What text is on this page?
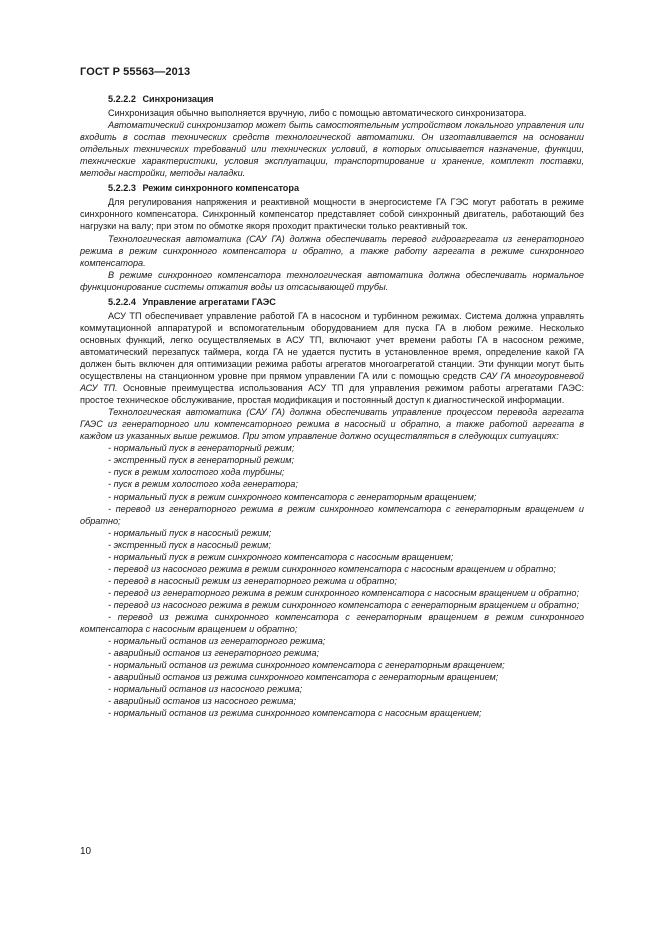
ГОСТ Р 55563—2013

5.2.2.2 Синхронизация

Синхронизация обычно выполняется вручную, либо с помощью автоматического синхронизатора.

Автоматический синхронизатор может быть самостоятельным устройством локального управления или входить в состав технических средств технологической автоматики. Он изготавливается на основании отдельных технических требований или технических условий, в которых описывается назначение, функции, технические характеристики, условия эксплуатации, транспортирование и хранение, комплект поставки, методы настройки, методы наладки.

5.2.2.3 Режим синхронного компенсатора

Для регулирования напряжения и реактивной мощности в энергосистеме ГА ГЭС могут работать в режиме синхронного компенсатора. Синхронный компенсатор представляет собой синхронный двигатель, работающий без нагрузки на валу; при этом по обмотке якоря проходит практически только реактивный ток.

Технологическая автоматика (САУ ГА) должна обеспечивать перевод гидроагрегата из генераторного режима в режим синхронного компенсатора и обратно, а также работу агрегата в режиме синхронного компенсатора.

В режиме синхронного компенсатора технологическая автоматика должна обеспечивать нормальное функционирование системы отжатия воды из отсасывающей трубы.

5.2.2.4 Управление агрегатами ГАЭС

АСУ ТП обеспечивает управление работой ГА в насосном и турбинном режимах. Система должна управлять коммутационной аппаратурой и вспомогательным оборудованием для пуска ГА в любом режиме. Несколько основных функций, легко осуществляемых в АСУ ТП, включают учет времени работы ГА в насосном режиме, автоматический перезапуск таймера, когда ГА не удается пустить в установленное время, определение какой ГА должен быть включен для оптимизации режима работы агрегатов многоагрегатой станции. Эти функции могут быть осуществлены на станционном уровне при прямом управлении ГА или с помощью средств САУ ГА многоуровневой АСУ ТП. Основные преимущества использования АСУ ТП для управления режимом работы агрегатами ГАЭС: простое техническое обслуживание, простая модификация и постоянный доступ к диагностической информации.

Технологическая автоматика (САУ ГА) должна обеспечивать управление процессом перевода агрегата ГАЭС из генераторного или компенсаторного режима в насосный и обратно, а также работой агрегата в каждом из указанных выше режимов. При этом управление должно осуществляться в следующих ситуациях:

- нормальный пуск в генераторный режим;

- экстренный пуск в генераторный режим;

- пуск в режим холостого хода турбины;

- пуск в режим холостого хода генератора;

- нормальный пуск в режим синхронного компенсатора с генераторным вращением;

- перевод из генераторного режима в режим синхронного компенсатора с генераторным вращением и обратно;

- нормальный пуск в насосный режим;

- экстренный пуск в насосный режим;

- нормальный пуск в режим синхронного компенсатора с насосным вращением;

- перевод из насосного режима в режим синхронного компенсатора с насосным вращением и обратно;

- перевод в насосный режим из генераторного режима и обратно;

- перевод из генераторного режима в режим синхронного компенсатора с насосным вращением и обратно;

- перевод из насосного режима в режим синхронного компенсатора с генераторным вращением и обратно;

- перевод из режима синхронного компенсатора с генераторным вращением в режим синхронного компенсатора с насосным вращением и обратно;

- нормальный останов из генераторного режима;

- аварийный останов из генераторного режима;

- нормальный останов из режима синхронного компенсатора с генераторным вращением;

- аварийный останов из режима синхронного компенсатора с генераторным вращением;

- нормальный останов из насосного режима;

- аварийный останов из насосного режима;

- нормальный останов из режима синхронного компенсатора с насосным вращением;

10
